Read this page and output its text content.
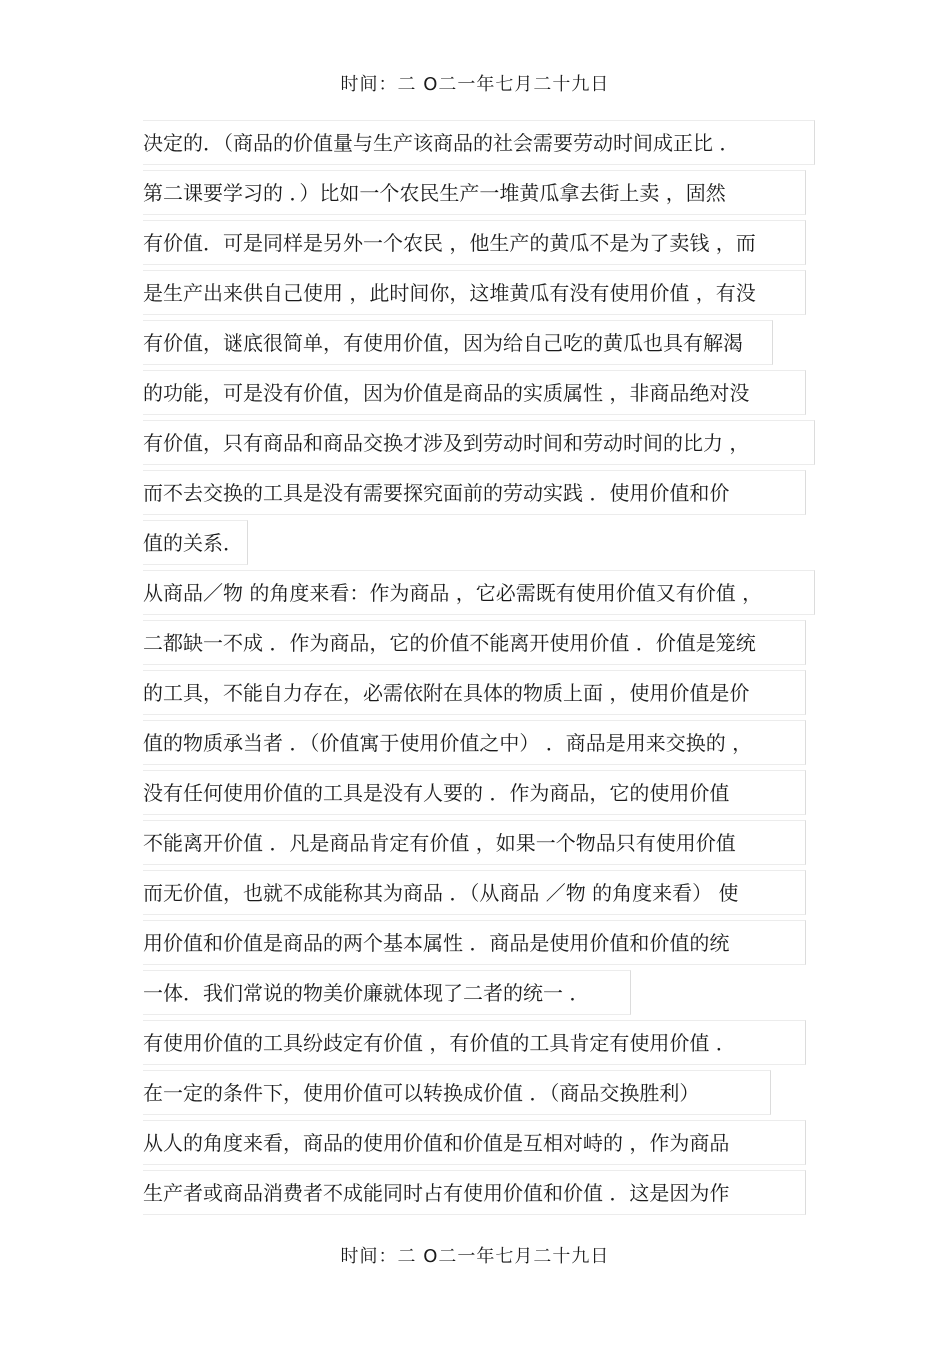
时间：二 O二一年七月二十九日
决定的．（商品的价值量与生产该商品的社会需要劳动时间成正比 ．
第二课要学习的 ．）比如一个农民生产一堆黄瓜拿去街上卖 ，固然
有价值．可是同样是另外一个农民 ，他生产的黄瓜不是为了卖钱 ，而
是生产出来供自己使用 ，此时间你，这堆黄瓜有没有使用价值 ，有没
有价值，谜底很简单，有使用价值，因为给自己吃的黄瓜也具有解渴
的功能，可是没有价值，因为价值是商品的实质属性 ，非商品绝对没
有价值，只有商品和商品交换才涉及到劳动时间和劳动时间的比力 ，
而不去交换的工具是没有需要探究面前的劳动实践 ．使用价值和价
值的关系．
从商品／物 的角度来看：作为商品 ，它必需既有使用价值又有价值 ，
二都缺一不成 ．作为商品，它的价值不能离开使用价值 ．价值是笼统
的工具，不能自力存在，必需依附在具体的物质上面 ，使用价值是价
值的物质承当者 ．（价值寓于使用价值之中） ．商品是用来交换的 ，
没有任何使用价值的工具是没有人要的 ．作为商品，它的使用价值
不能离开价值 ．凡是商品肯定有价值 ，如果一个物品只有使用价值
而无价值，也就不成能称其为商品 ．（从商品 ／物 的角度来看） 使
用价值和价值是商品的两个基本属性 ．商品是使用价值和价值的统
一体．我们常说的物美价廉就体现了二者的统一 ．
有使用价值的工具纷歧定有价值 ，有价值的工具肯定有使用价值 ．
在一定的条件下，使用价值可以转换成价值 ．（商品交换胜利）
从人的角度来看，商品的使用价值和价值是互相对峙的 ，作为商品
生产者或商品消费者不成能同时占有使用价值和价值 ．这是因为作
时间：二 O二一年七月二十九日
